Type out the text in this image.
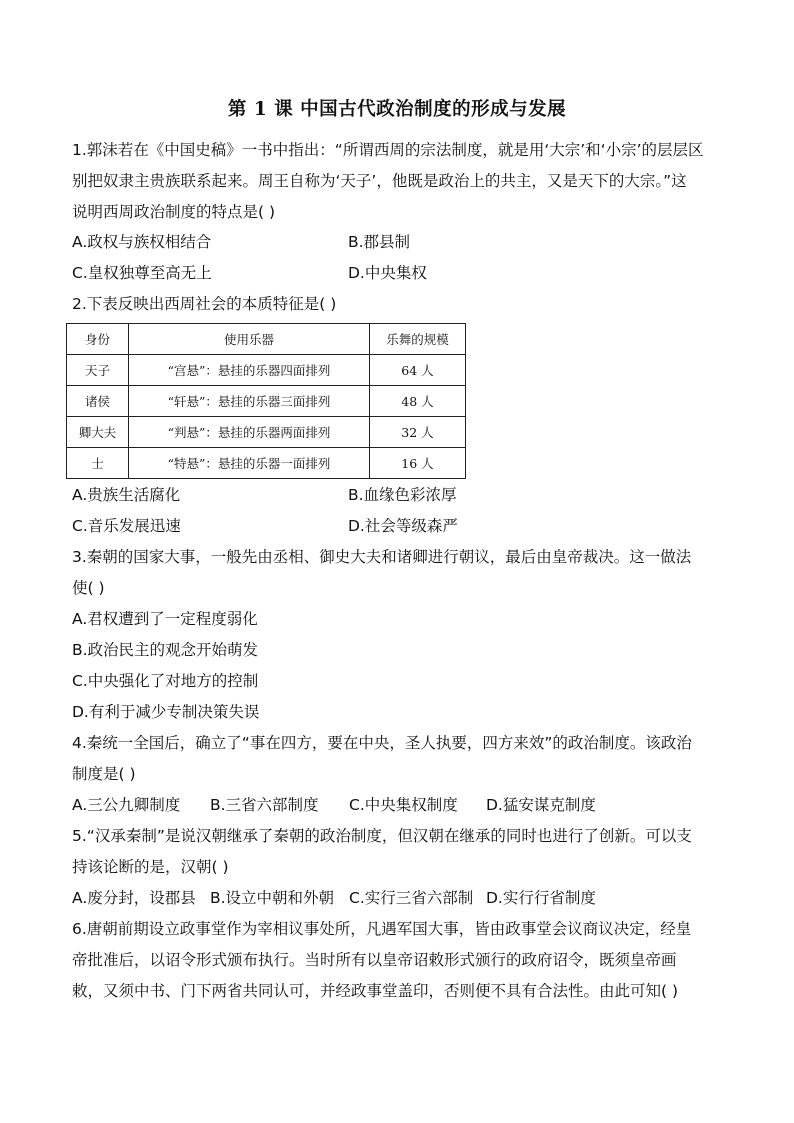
第 1 课 中国古代政治制度的形成与发展
1.郭沫若在《中国史稿》一书中指出：“所谓西周的宗法制度，就是用‘大宗’和‘小宗’的层层区
别把奴隶主贵族联系起来。周王自称为‘天子’，他既是政治上的共主，又是天下的大宗。”这
说明西周政治制度的特点是( )
A.政权与族权相结合	B.郡县制
C.皇权独尊至高无上	D.中央集权
2.下表反映出西周社会的本质特征是( )
身份	使用乐器	乐舞的规模
天子	“宫悬”：悬挂的乐器四面排列	64 人
诸侯	“轩悬”：悬挂的乐器三面排列	48 人
卿大夫	“判悬”：悬挂的乐器两面排列	32 人
士	“特悬”：悬挂的乐器一面排列	16 人
A.贵族生活腐化	B.血缘色彩浓厚
C.音乐发展迅速	D.社会等级森严
3.秦朝的国家大事，一般先由丞相、御史大夫和诸卿进行朝议，最后由皇帝裁决。这一做法
使( )
A.君权遭到了一定程度弱化
B.政治民主的观念开始萌发
C.中央强化了对地方的控制
D.有利于减少专制决策失误
4.秦统一全国后，确立了“事在四方，要在中央，圣人执要，四方来效”的政治制度。该政治
制度是( )
A.三公九卿制度 B.三省六部制度 C.中央集权制度 D.猛安谋克制度
5.“汉承秦制”是说汉朝继承了秦朝的政治制度，但汉朝在继承的同时也进行了创新。可以支
持该论断的是，汉朝( )
A.废分封，设郡县 B.设立中朝和外朝 C.实行三省六部制 D.实行行省制度
6.唐朝前期设立政事堂作为宰相议事处所，凡遇军国大事，皆由政事堂会议商议决定，经皇
帝批准后，以诏令形式颁布执行。当时所有以皇帝诏敕形式颁行的政府诏令，既须皇帝画
敕，又须中书、门下两省共同认可，并经政事堂盖印，否则便不具有合法性。由此可知( )
